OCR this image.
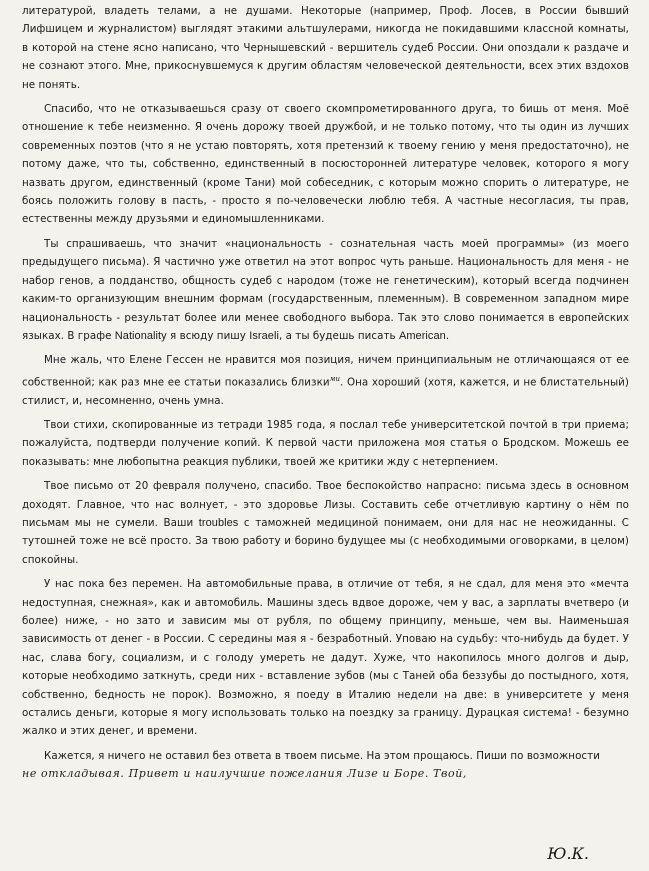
литературой, владеть телами, а не душами. Некоторые (например, Проф. Лосев, в России бывший Лифшицем и журналистом) выглядят этакими альтшулерами, никогда не покидавшими классной комнаты, в которой на стене ясно написано, что Чернышевский - вершитель судеб России. Они опоздали к раздаче и не сознают этого. Мне, прикоснувшемуся к другим областям человеческой деятельности, всех этих вздохов не понять.

Спасибо, что не отказываешься сразу от своего скомпрометированного друга, то бишь от меня. Моё отношение к тебе неизменно. Я очень дорожу твоей дружбой, и не только потому, что ты один из лучших современных поэтов (что я не устаю повторять, хотя претензий к твоему гению у меня предостаточно), не потому даже, что ты, собственно, единственный в посюсторонней литературе человек, которого я могу назвать другом, единственный (кроме Тани) мой собеседник, с которым можно спорить о литературе, не боясь положить голову в пасть, - просто я по-человечески люблю тебя. А частные несогласия, ты прав, естественны между друзьями и единомышленниками.

Ты спрашиваешь, что значит «национальность - сознательная часть моей программы» (из моего предыдущего письма). Я частично уже ответил на этот вопрос чуть раньше. Национальность для меня - не набор генов, а подданство, общность судеб с народом (тоже не генетическим), который всегда подчинен каким-то организующим внешним формам (государственным, племенным). В современном западном мире национальность - результат более или менее свободного выбора. Так это слово понимается в европейских языках. В графе Nationality я всюду пишу Israeli, а ты будешь писать American.

Мне жаль, что Елене Гессен не нравится моя позиция, ничем принципиальным не отличающаяся от ее собственной; как раз мне ее статьи показались близки$^{ми}$. Она хороший (хотя, кажется, и не блистательный) стилист, и, несомненно, очень умна.

Твои стихи, скопированные из тетради 1985 года, я послал тебе университетской почтой в три приема; пожалуйста, подтверди получение копий. К первой части приложена моя статья о Бродском. Можешь ее показывать: мне любопытна реакция публики, твоей же критики жду с нетерпением.

Твое письмо от 20 февраля получено, спасибо. Твое беспокойство напрасно: письма здесь в основном доходят. Главное, что нас волнует, - это здоровье Лизы. Составить себе отчетливую картину о нём по письмам мы не сумели. Ваши troubles с таможней медициной понимаем, они для нас не неожиданны. С тутошней тоже не всё просто. За твою работу и борино будущее мы (с необходимыми оговорками, в целом) спокойны.

У нас пока без перемен. На автомобильные права, в отличие от тебя, я не сдал, для меня это «мечта недоступная, снежная», как и автомобиль. Машины здесь вдвое дороже, чем у вас, а зарплаты вчетверо (и более) ниже, - но зато и зависим мы от рубля, по общему принципу, меньше, чем вы. Наименьшая зависимость от денег - в России. С середины мая я - безработный. Уповаю на судьбу: что-нибудь да будет. У нас, слава богу, социализм, и с голоду умереть не дадут. Хуже, что накопилось много долгов и дыр, которые необходимо заткнуть, среди них - вставление зубов (мы с Таней оба беззубы до постыдного, хотя, собственно, бедность не порок). Возможно, я поеду в Италию недели на две: в университете у меня остались деньги, которые я могу использовать только на поездку за границу. Дурацкая система! - безумно жалко и этих денег, и времени.

Кажется, я ничего не оставил без ответа в твоем письме. На этом прощаюсь. Пиши по возможности
не откладывая. Привет и наилучшие пожелания Лизе и Боре. Твой,

Ю.К.
